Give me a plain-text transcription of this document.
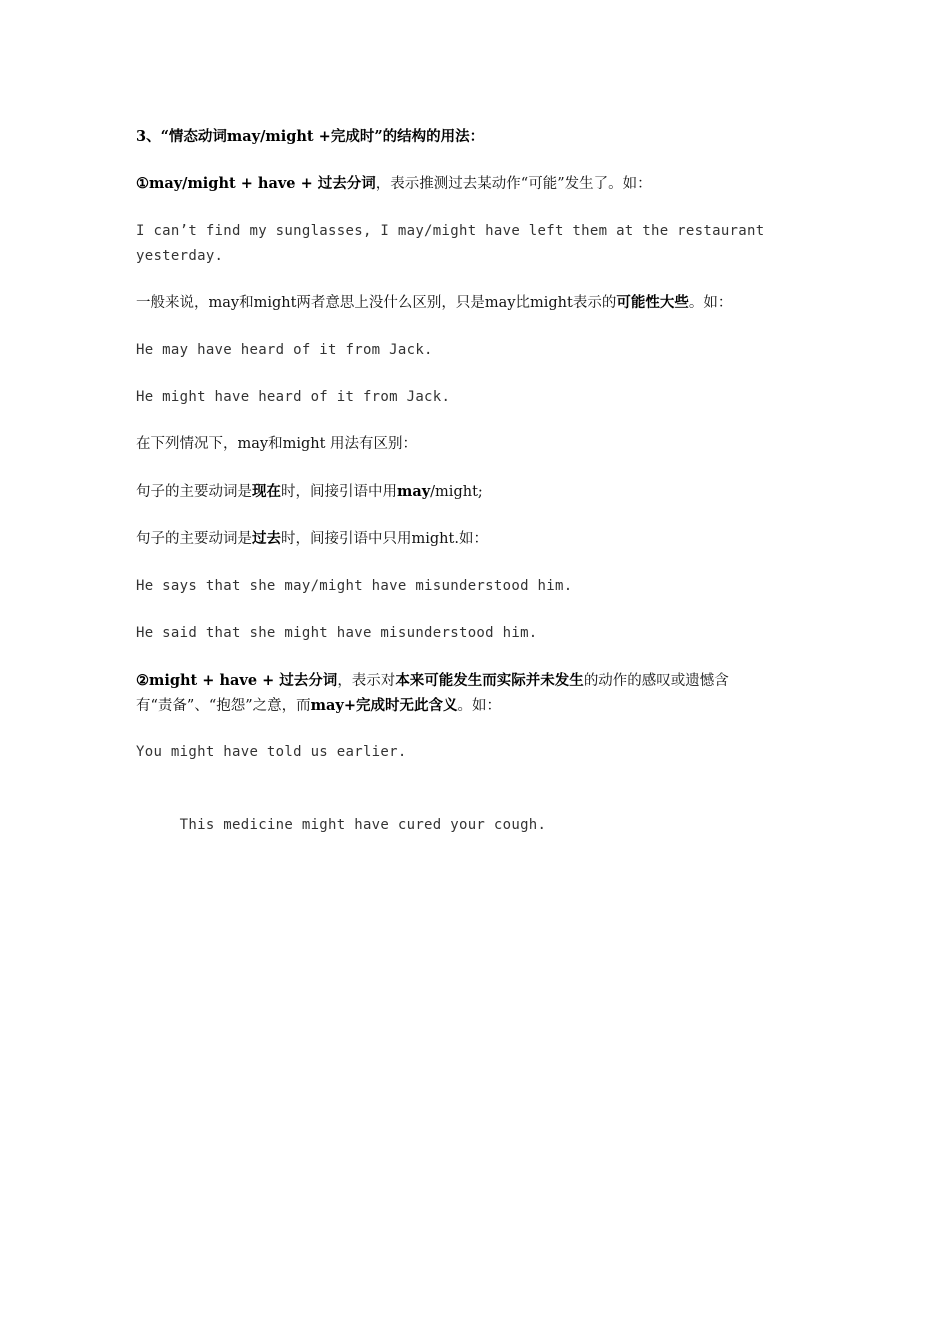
3、“情态动词may/might +完成时”的结构的用法：
①may/might + have + 过去分词，表示推测过去某动作“可能”发生了。如：
I can’t find my sunglasses, I may/might have left them at the restaurant
yesterday.
一般来说，may和might两者意思上没什么区别，只是may比might表示的可能性大些。如：
He may have heard of it from Jack.
He might have heard of it from Jack.
在下列情况下，may和might 用法有区别：
句子的主要动词是现在时，间接引语中用may/might;
句子的主要动词是过去时，间接引语中只用might.如：
He says that she may/might have misunderstood him.
He said that she might have misunderstood him.
②might + have + 过去分词，表示对本来可能发生而实际并未发生的动作的感叹或遗憾含
有“责备”、“抱怨”之意，而may+完成时无此含义。如：
You might have told us earlier.

This medicine might have cured your cough.
